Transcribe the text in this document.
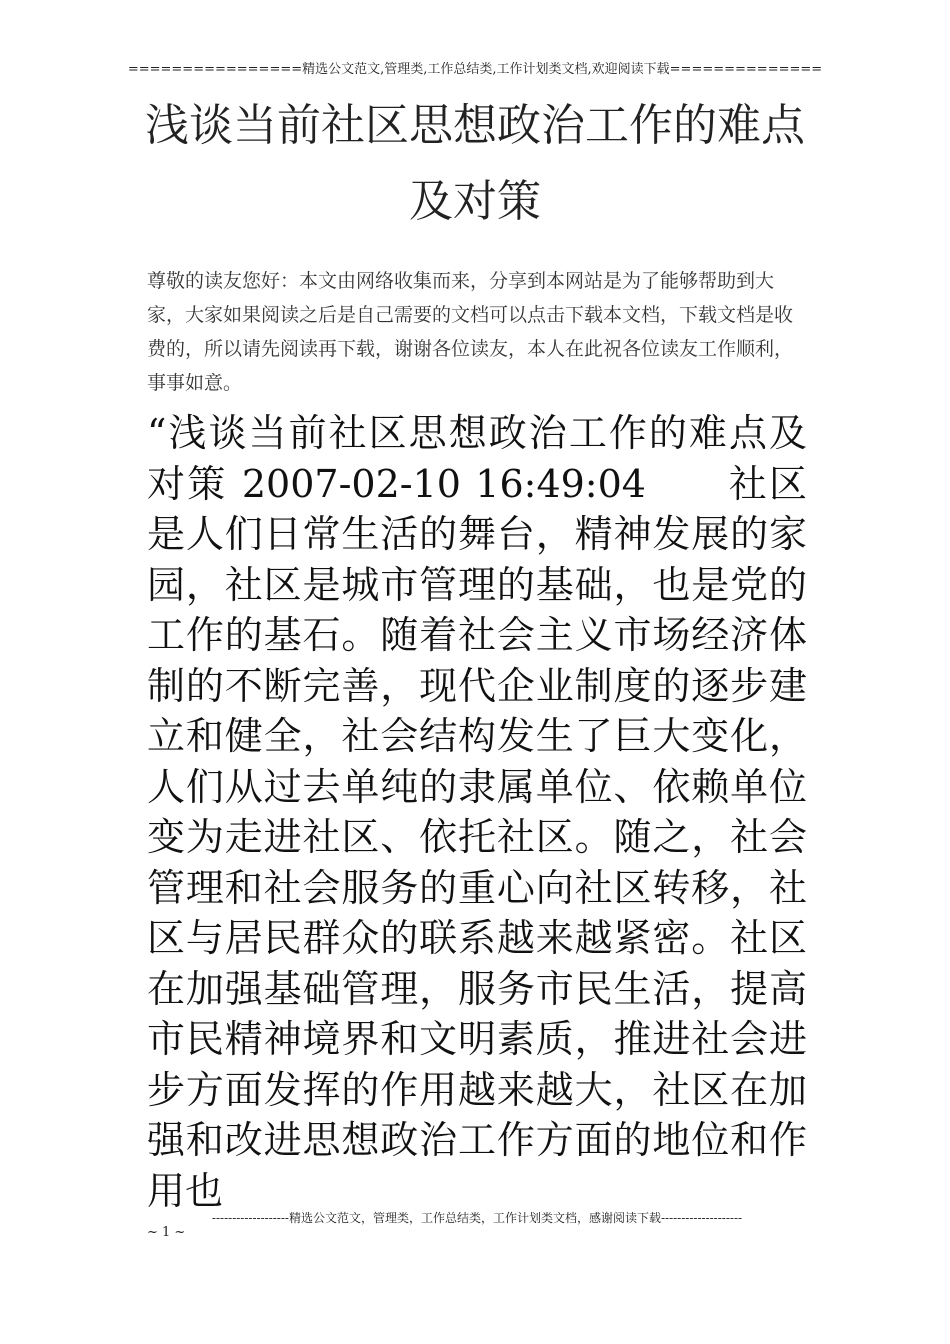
================精选公文范文,管理类,工作总结类,工作计划类文档,欢迎阅读下载==============
浅谈当前社区思想政治工作的难点及对策

尊敬的读友您好：本文由网络收集而来，分享到本网站是为了能够帮助到大家，大家如果阅读之后是自己需要的文档可以点击下载本文档，下载文档是收费的，所以请先阅读再下载，谢谢各位读友，本人在此祝各位读友工作顺利，事事如意。

“浅谈当前社区思想政治工作的难点及对策 2007-02-10 16:49:04　　社区是人们日常生活的舞台，精神发展的家园，社区是城市管理的基础，也是党的工作的基石。随着社会主义市场经济体制的不断完善，现代企业制度的逐步建立和健全，社会结构发生了巨大变化，人们从过去单纯的隶属单位、依赖单位变为走进社区、依托社区。随之，社会管理和社会服务的重心向社区转移，社区与居民群众的联系越来越紧密。社区在加强基础管理，服务市民生活，提高市民精神境界和文明素质，推进社会进步方面发挥的作用越来越大，社区在加强和改进思想政治工作方面的地位和作用也

-------------------精选公文范文，管理类，工作总结类，工作计划类文档，感谢阅读下载--------------------
~ 1 ~
